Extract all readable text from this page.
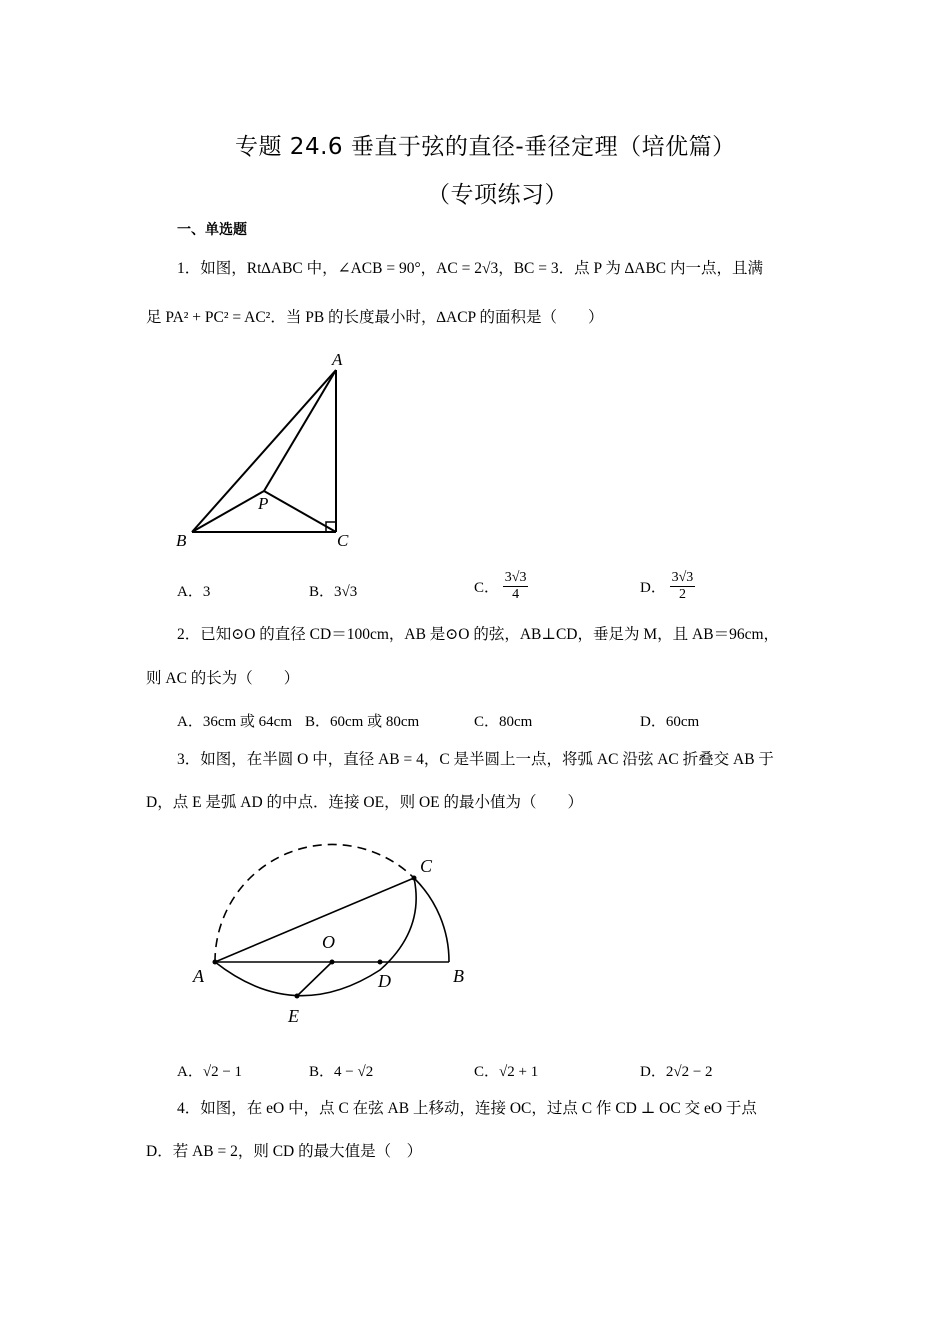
专题 24.6 垂直于弦的直径-垂径定理（培优篇）
（专项练习）
一、单选题
1．如图，Rt∆ABC 中，∠ACB = 90°，AC = 2√3，BC = 3．点 P 为 ∆ABC 内一点，且满
足 PA² + PC² = AC²．当 PB 的长度最小时，∆ACP 的面积是（　　）
A
B	C
P
A．3	B．3√3	C． $\frac{3√3}{4}$	D． $\frac{3√3}{2}$
2．已知⊙O 的直径 CD＝100cm，AB 是⊙O 的弦，AB⊥CD，垂足为 M，且 AB＝96cm，
则 AC 的长为（　　）
A．36cm 或 64cm B．60cm 或 80cm	C．80cm	D．60cm
3．如图，在半圆 O 中，直径 AB = 4，C 是半圆上一点，将弧 AC 沿弦 AC 折叠交 AB 于
D，点 E 是弧 AD 的中点．连接 OE，则 OE 的最小值为（　　）
A	B
C
O
D
E
A．√2 − 1	B．4 − √2	C．√2 + 1	D．2√2 − 2
4．如图，在 eO 中，点 C 在弦 AB 上移动，连接 OC，过点 C 作 CD ⊥ OC 交 eO 于点
D．若 AB = 2，则 CD 的最大值是（　）
